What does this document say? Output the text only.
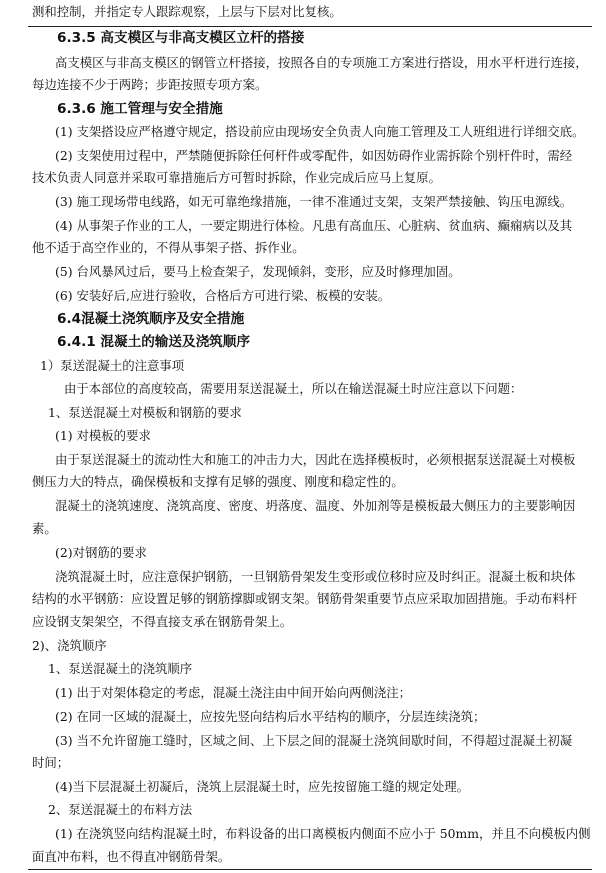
测和控制，并指定专人跟踪观察，上层与下层对比复核。
6.3.5 高支模区与非高支模区立杆的搭接
高支模区与非高支模区的钢管立杆搭接，按照各自的专项施工方案进行搭设，用水平杆进行连接，
每边连接不少于两跨；步距按照专项方案。
6.3.6 施工管理与安全措施
(1) 支架搭设应严格遵守规定，搭设前应由现场安全负责人向施工管理及工人班组进行详细交底。
(2) 支架使用过程中，严禁随便拆除任何杆件或零配件，如因妨碍作业需拆除个别杆件时，需经
技术负责人同意并采取可靠措施后方可暂时拆除，作业完成后应马上复原。
(3) 施工现场带电线路，如无可靠绝缘措施，一律不准通过支架，支架严禁接触、钩压电源线。
(4) 从事架子作业的工人，一要定期进行体检。凡患有高血压、心脏病、贫血病、癫痫病以及其
他不适于高空作业的，不得从事架子搭、拆作业。
(5) 台风暴风过后，要马上检查架子，发现倾斜，变形，应及时修理加固。
(6) 安装好后,应进行验收，合格后方可进行梁、板模的安装。
6.4混凝土浇筑顺序及安全措施
6.4.1 混凝土的输送及浇筑顺序
1）泵送混凝土的注意事项
由于本部位的高度较高，需要用泵送混凝土，所以在输送混凝土时应注意以下问题：
1、泵送混凝土对模板和钢筋的要求
(1) 对模板的要求
由于泵送混凝土的流动性大和施工的冲击力大，因此在选择模板时，必须根据泵送混凝土对模板
侧压力大的特点，确保模板和支撑有足够的强度、刚度和稳定性的。
混凝土的浇筑速度、浇筑高度、密度、坍落度、温度、外加剂等是模板最大侧压力的主要影响因
素。
(2)对钢筋的要求
浇筑混凝土时，应注意保护钢筋，一旦钢筋骨架发生变形或位移时应及时纠正。混凝土板和块体
结构的水平钢筋：应设置足够的钢筋撑脚或钢支架。钢筋骨架重要节点应采取加固措施。手动布料杆
应设钢支架架空，不得直接支承在钢筋骨架上。
2)、浇筑顺序
1、泵送混凝土的浇筑顺序
(1) 出于对架体稳定的考虑，混凝土浇注由中间开始向两侧浇注；
(2) 在同一区域的混凝土，应按先竖向结构后水平结构的顺序，分层连续浇筑；
(3) 当不允许留施工缝时，区域之间、上下层之间的混凝土浇筑间歇时间，不得超过混凝土初凝
时间；
(4)当下层混凝土初凝后，浇筑上层混凝土时，应先按留施工缝的规定处理。
2、泵送混凝土的布料方法
(1) 在浇筑竖向结构混凝土时，布料设备的出口离模板内侧面不应小于 50mm，并且不向模板内侧
面直冲布料，也不得直冲钢筋骨架。
